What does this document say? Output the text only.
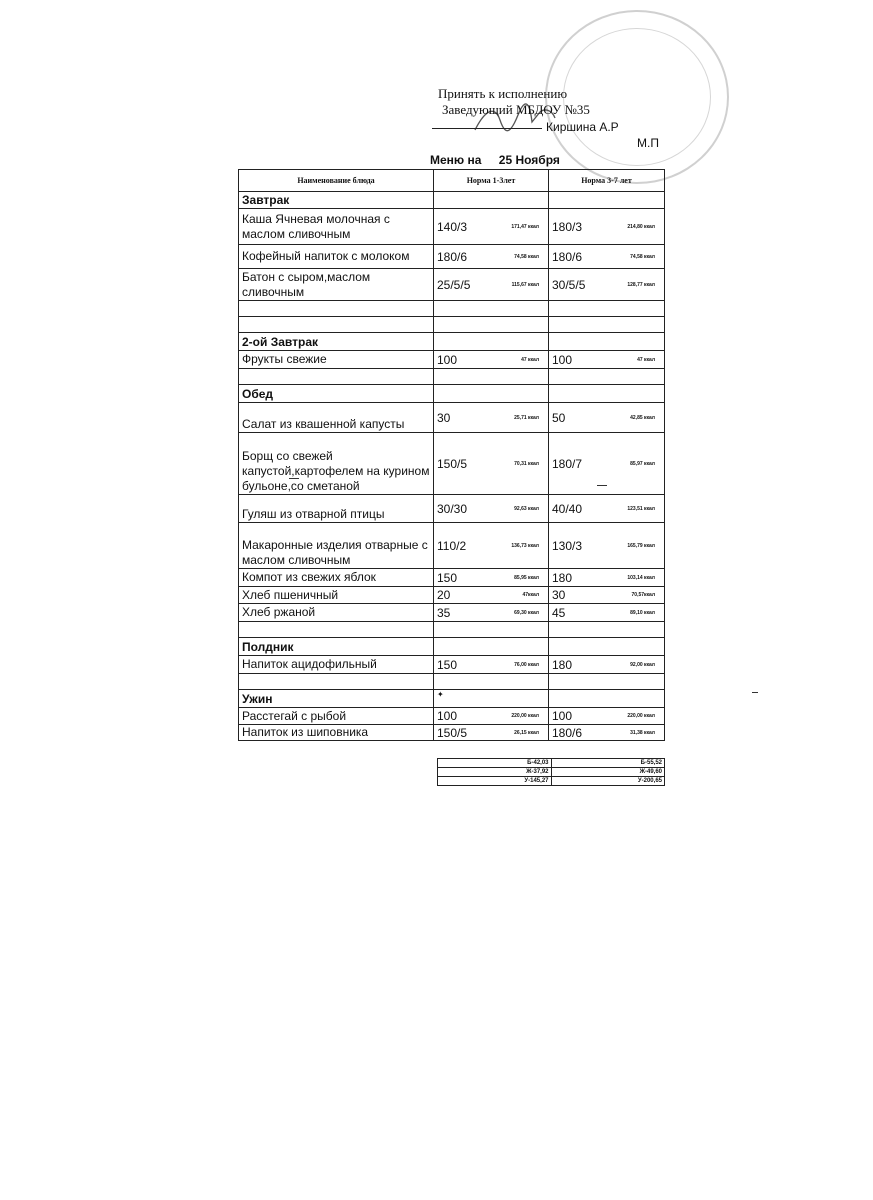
Принять к исполнению
Заведующий МБДОУ №35
Киршина А.Р
М.П
Меню на 25 Ноября
Наименование блюда	Норма 1-3лет	Норма 3-7 лет
Завтрак		
Каша Ячневая молочная с маслом сливочным	140/3 171,47 ккал	180/3 214,80 ккал

Кофейный напиток с молоком	180/6 74,58 ккал	180/6 74,58 ккал

Батон с сыром,маслом сливочным	25/5/5 115,67 ккал	30/5/5 128,77 ккал

2-ой Завтрак		
Фрукты свежие	100 47 ккал	100 47 ккал

Обед		
Салат из квашенной капусты	30 25,71 ккал	50 42,85 ккал

Борщ со свежей капустой,картофелем на курином бульоне,со сметаной	150/5 70,31 ккал	180/7 85,97 ккал

Гуляш из отварной птицы	30/30 92,63 ккал	40/40 123,51 ккал

Макаронные изделия отварные с маслом сливочным	110/2 136,73 ккал	130/3 165,79 ккал

Компот из свежих яблок	150 85,95 ккал	180 103,14 ккал

Хлеб пшеничный	20 47ккал	30 70,57ккал

Хлеб ржаной	35 69,30 ккал	45 89,10 ккал

Полдник		
Напиток ацидофильный	150 76,00 ккал	180 92,00 ккал

Ужин		
Расстегай с рыбой	100 220,00 ккал	100 220,00 ккал

Напиток из шиповника	150/5 26,15 ккал	180/6 31,38 ккал
Б-42,03	Б-55,52
Ж-37,92	Ж-49,60
У-145,27	У-200,65
✦
